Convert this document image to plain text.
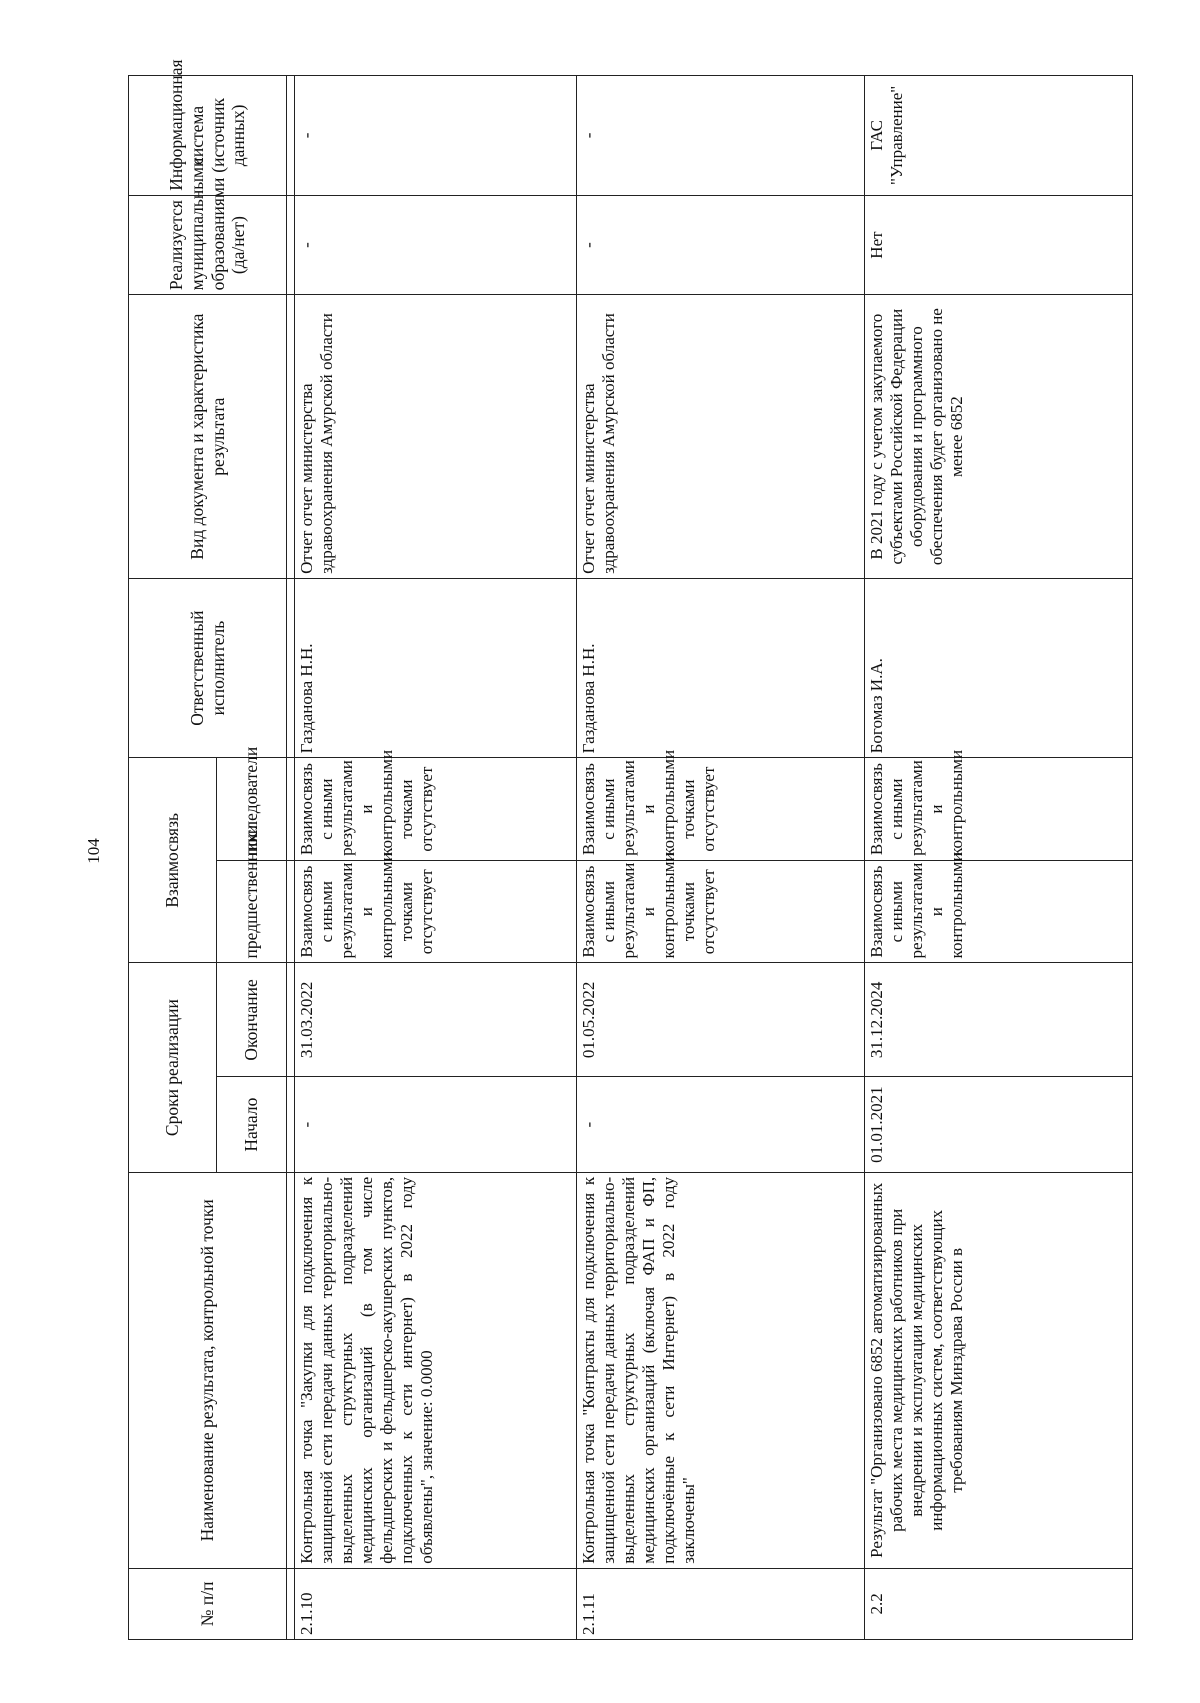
104
№ п/п	Наименование результата, контрольной точки	Сроки реализации		Взаимосвязь		Ответственный исполнитель	Вид документа и характеристика результата	Реализуется муниципальными образованиями (да/нет)	Информационная система (источник данных)
		Начало	Окончание	предшественники	последователи				

2.1.10	Контрольная точка "Закупки для подключения к защищенной сети передачи данных территориально-выделенных структурных подразделений медицинских организаций (в том числе фельдшерских и фельдшерско-акушерских пунктов, подключенных к сети интернет) в 2022 году объявлены", значение: 0.0000	-	31.03.2022	Взаимосвязь с иными результатами и контрольными точками отсутствует	Взаимосвязь с иными результатами и контрольными точками отсутствует	Газданова Н.Н.	Отчет отчет министерства здравоохранения Амурской области	-	-
2.1.11	Контрольная точка "Контракты для подключения к защищенной сети передачи данных территориально-выделенных структурных подразделений медицинских организаций (включая ФАП и ФП, подключённые к сети Интернет) в 2022 году заключены"	-	01.05.2022	Взаимосвязь с иными результатами и контрольными точками отсутствует	Взаимосвязь с иными результатами и контрольными точками отсутствует	Газданова Н.Н.	Отчет отчет министерства здравоохранения Амурской области	-	-
2.2	Результат "Организовано 6852 автоматизированных рабочих места медицинских работников при внедрении и эксплуатации медицинских информационных систем, соответствующих требованиям Минздрава России в	01.01.2021	31.12.2024	Взаимосвязь с иными результатами и контрольными	Взаимосвязь с иными результатами и контрольными	Богомаз И.А.	В 2021 году с учетом закупаемого субъектами Российской Федерации оборудования и программного обеспечения будет организовано не менее 6852	Нет	ГАС "Управление"
